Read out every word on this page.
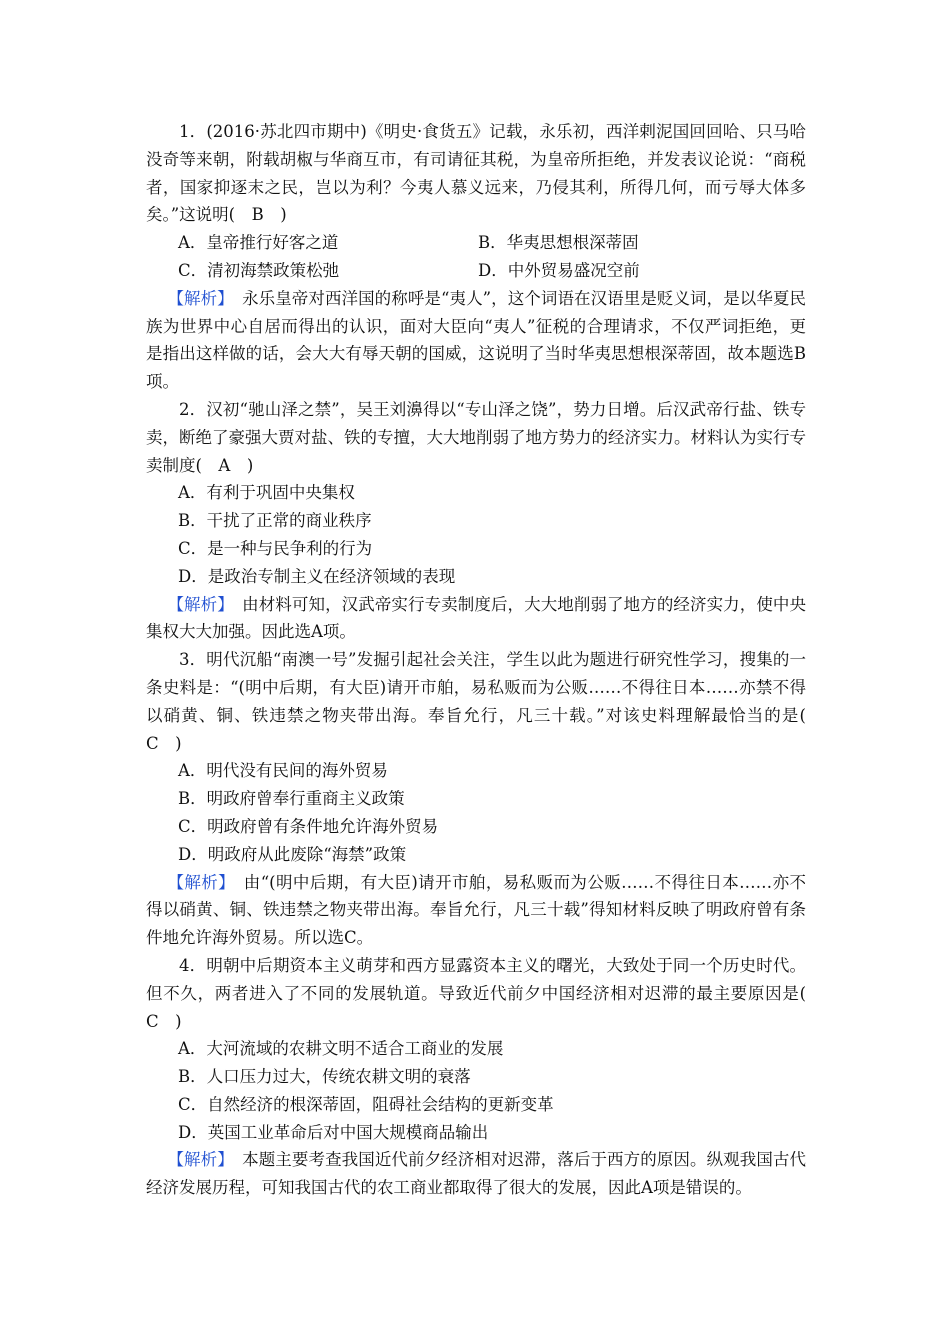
1．(2016·苏北四市期中)《明史·食货五》记载，永乐初，西洋剌泥国回回哈、只马哈没奇等来朝，附载胡椒与华商互市，有司请征其税，为皇帝所拒绝，并发表议论说：“商税者，国家抑逐末之民，岂以为利？今夷人慕义远来，乃侵其利，所得几何，而亏辱大体多矣。”这说明(　B　)

A．皇帝推行好客之道	B．华夷思想根深蒂固
C．清初海禁政策松弛	D．中外贸易盛况空前

【解析】　永乐皇帝对西洋国的称呼是“夷人”，这个词语在汉语里是贬义词，是以华夏民族为世界中心自居而得出的认识，面对大臣向“夷人”征税的合理请求，不仅严词拒绝，更是指出这样做的话，会大大有辱天朝的国威，这说明了当时华夷思想根深蒂固，故本题选B项。

2．汉初“驰山泽之禁”，吴王刘濞得以“专山泽之饶”，势力日增。后汉武帝行盐、铁专卖，断绝了豪强大贾对盐、铁的专擅，大大地削弱了地方势力的经济实力。材料认为实行专卖制度(　A　)

A．有利于巩固中央集权

B．干扰了正常的商业秩序

C．是一种与民争利的行为

D．是政治专制主义在经济领域的表现

【解析】　由材料可知，汉武帝实行专卖制度后，大大地削弱了地方的经济实力，使中央集权大大加强。因此选A项。

3．明代沉船“南澳一号”发掘引起社会关注，学生以此为题进行研究性学习，搜集的一条史料是：“(明中后期，有大臣)请开市舶，易私贩而为公贩……不得往日本……亦禁不得以硝黄、铜、铁违禁之物夹带出海。奉旨允行，凡三十载。”对该史料理解最恰当的是(　C　)

A．明代没有民间的海外贸易

B．明政府曾奉行重商主义政策

C．明政府曾有条件地允许海外贸易

D．明政府从此废除“海禁”政策

【解析】　由“(明中后期，有大臣)请开市舶，易私贩而为公贩……不得往日本……亦不得以硝黄、铜、铁违禁之物夹带出海。奉旨允行，凡三十载”得知材料反映了明政府曾有条件地允许海外贸易。所以选C。

4．明朝中后期资本主义萌芽和西方显露资本主义的曙光，大致处于同一个历史时代。但不久，两者进入了不同的发展轨道。导致近代前夕中国经济相对迟滞的最主要原因是(　C　)

A．大河流域的农耕文明不适合工商业的发展

B．人口压力过大，传统农耕文明的衰落

C．自然经济的根深蒂固，阻碍社会结构的更新变革

D．英国工业革命后对中国大规模商品输出

【解析】　本题主要考查我国近代前夕经济相对迟滞，落后于西方的原因。纵观我国古代经济发展历程，可知我国古代的农工商业都取得了很大的发展，因此A项是错误的。
